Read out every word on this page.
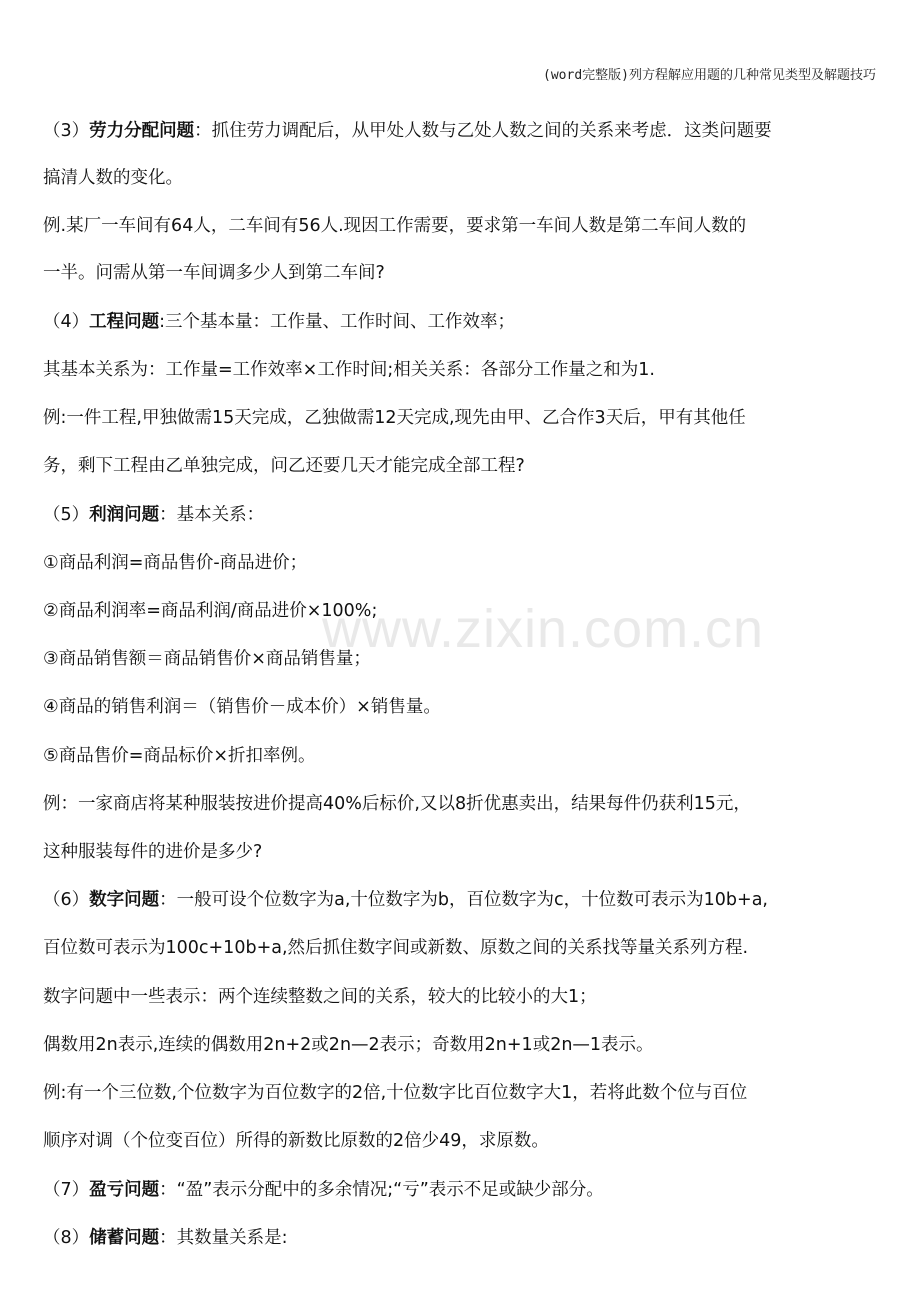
(word完整版)列方程解应用题的几种常见类型及解题技巧
www.zixin.com.cn
（3）劳力分配问题：抓住劳力调配后，从甲处人数与乙处人数之间的关系来考虑．这类问题要
搞清人数的变化。
例.某厂一车间有64人，二车间有56人.现因工作需要，要求第一车间人数是第二车间人数的
一半。问需从第一车间调多少人到第二车间?
（4）工程问题:三个基本量：工作量、工作时间、工作效率；
其基本关系为：工作量=工作效率×工作时间;相关关系：各部分工作量之和为1.
例:一件工程,甲独做需15天完成，乙独做需12天完成,现先由甲、乙合作3天后，甲有其他任
务，剩下工程由乙单独完成，问乙还要几天才能完成全部工程?
（5）利润问题：基本关系：
①商品利润=商品售价-商品进价；
②商品利润率=商品利润/商品进价×100%;
③商品销售额＝商品销售价×商品销售量；
④商品的销售利润＝（销售价－成本价）×销售量。
⑤商品售价=商品标价×折扣率例。
例：一家商店将某种服装按进价提高40%后标价,又以8折优惠卖出，结果每件仍获利15元，
这种服装每件的进价是多少?
（6）数字问题：一般可设个位数字为a,十位数字为b，百位数字为c，十位数可表示为10b+a,
百位数可表示为100c+10b+a,然后抓住数字间或新数、原数之间的关系找等量关系列方程.
数字问题中一些表示：两个连续整数之间的关系，较大的比较小的大1；
偶数用2n表示,连续的偶数用2n+2或2n—2表示；奇数用2n+1或2n—1表示。
例:有一个三位数,个位数字为百位数字的2倍,十位数字比百位数字大1，若将此数个位与百位
顺序对调（个位变百位）所得的新数比原数的2倍少49，求原数。
（7）盈亏问题：“盈”表示分配中的多余情况;“亏”表示不足或缺少部分。
（8）储蓄问题：其数量关系是:
